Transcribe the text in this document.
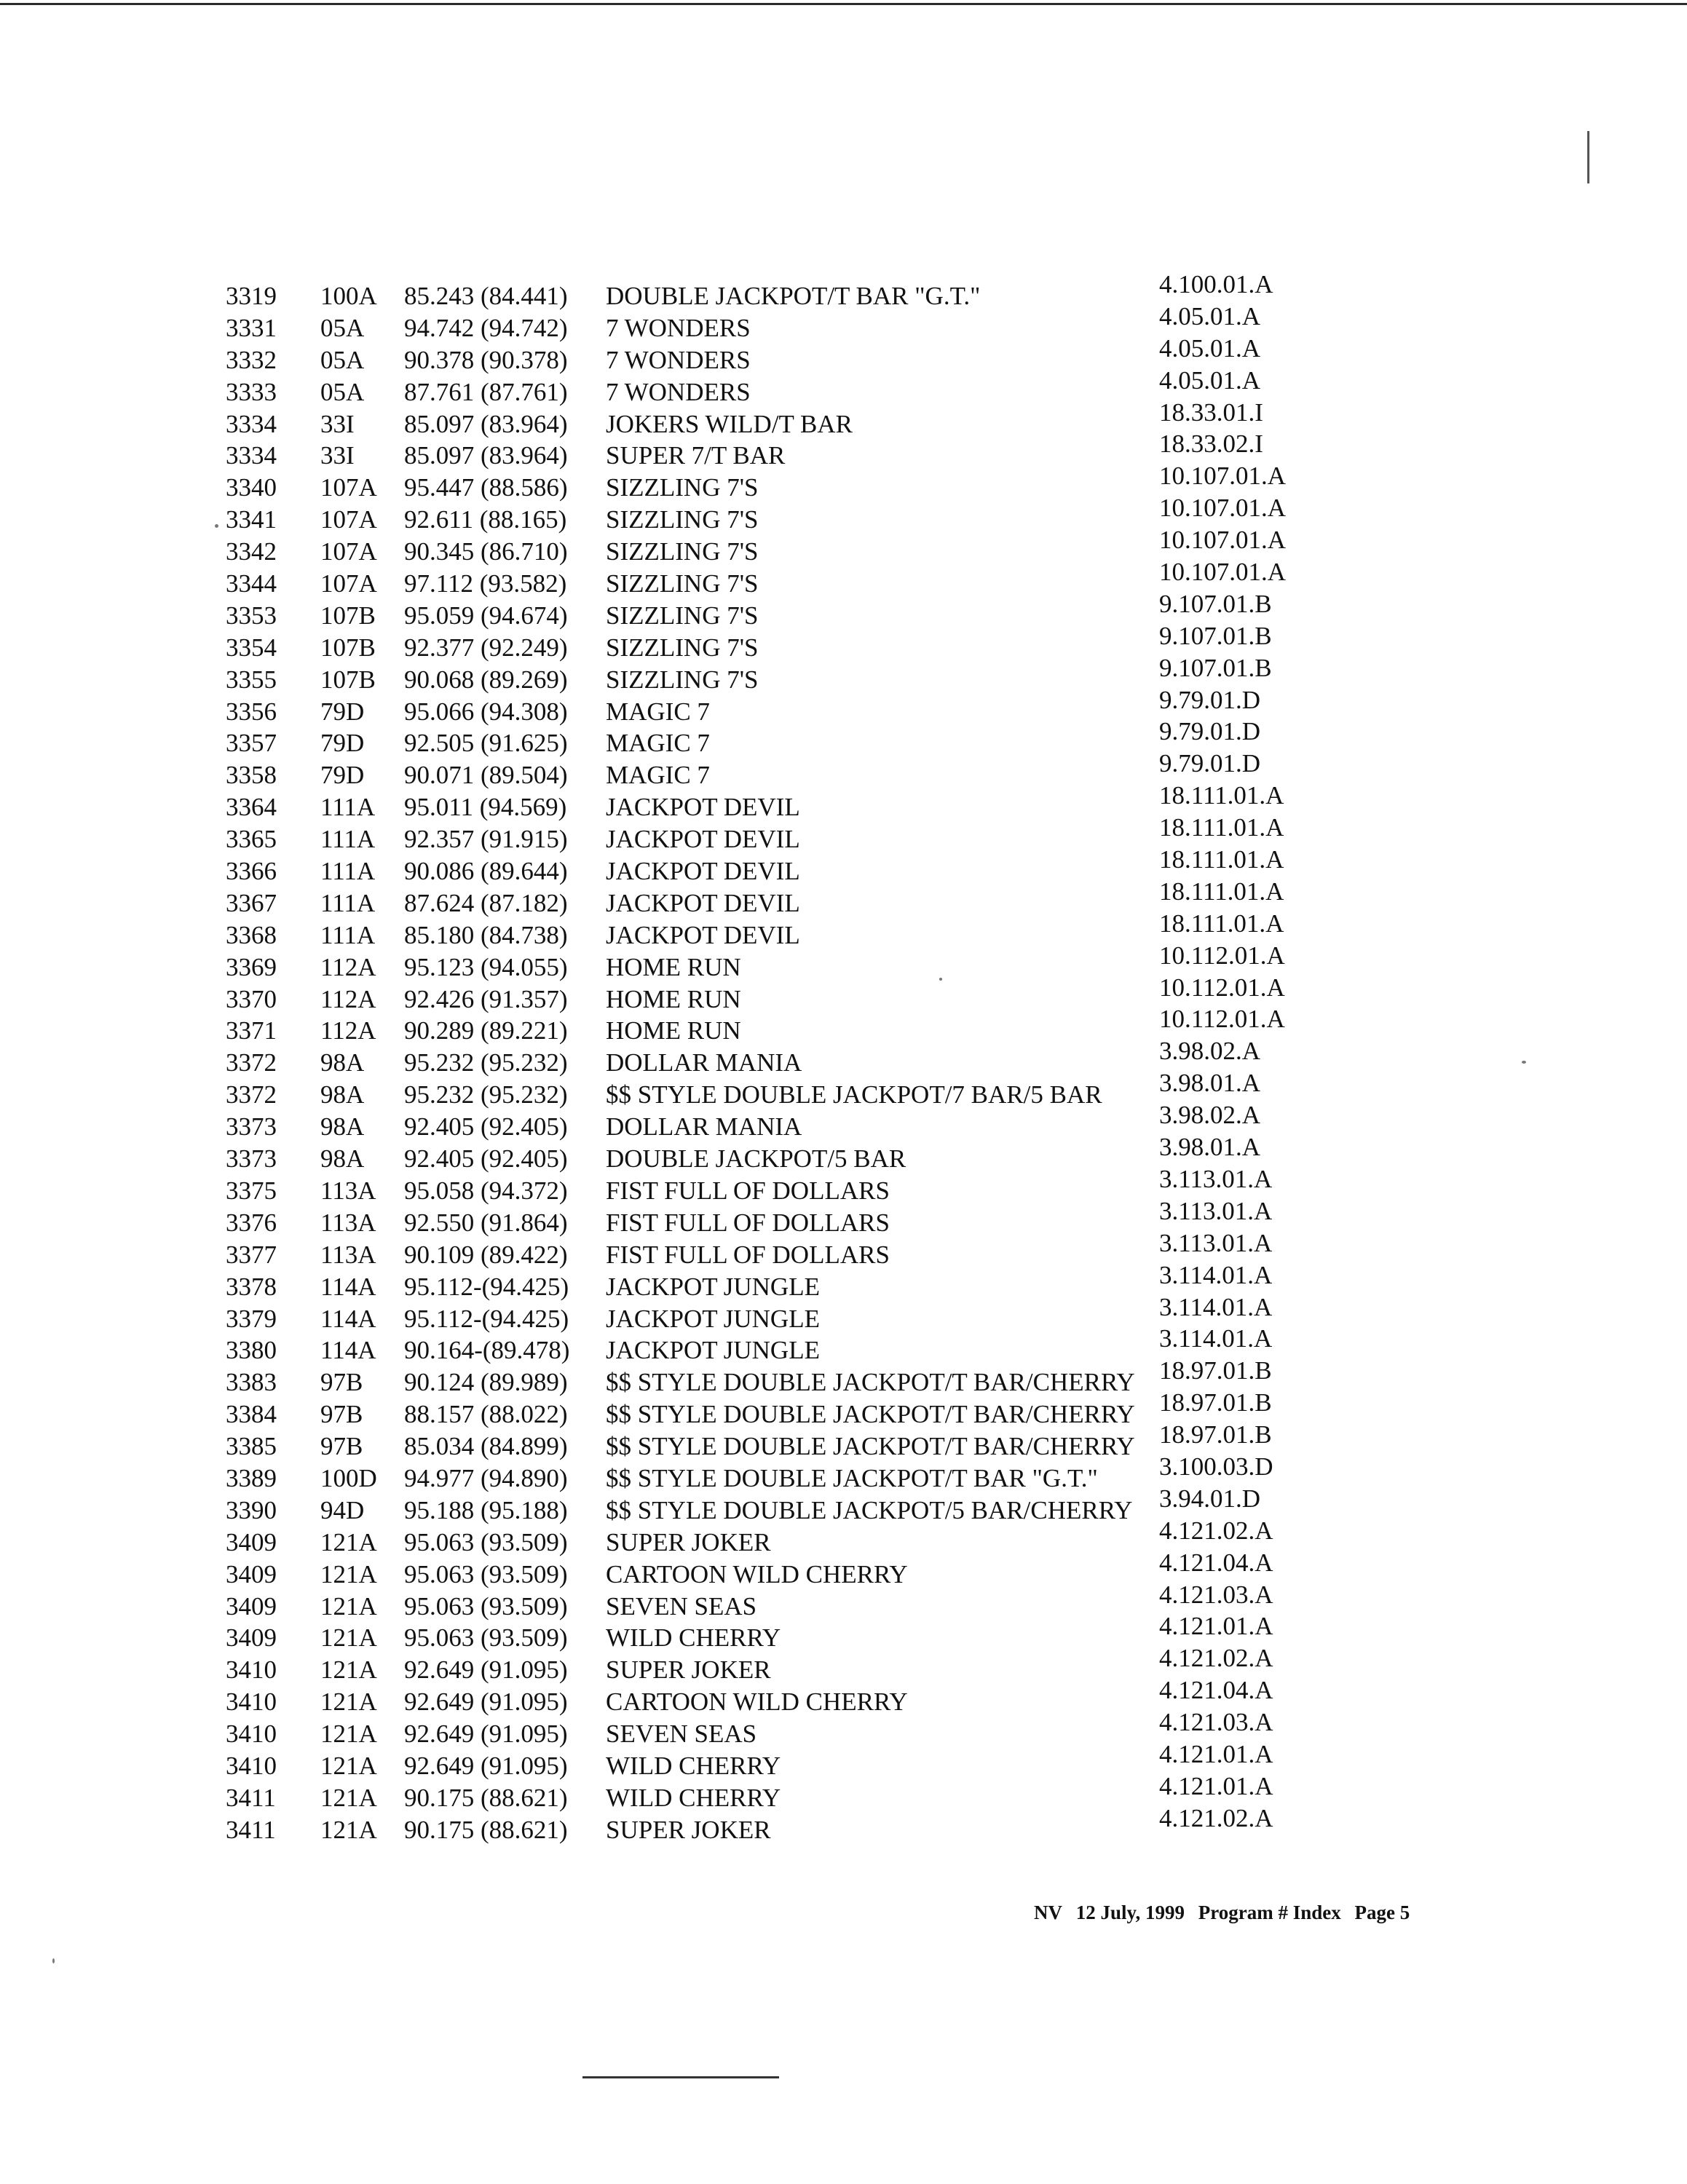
3319	100A	85.243 (84.441)	DOUBLE JACKPOT/T BAR "G.T."	4.100.01.A
3331	05A	94.742 (94.742)	7 WONDERS	4.05.01.A
3332	05A	90.378 (90.378)	7 WONDERS	4.05.01.A
3333	05A	87.761 (87.761)	7 WONDERS	4.05.01.A
3334	33I	85.097 (83.964)	JOKERS WILD/T BAR	18.33.01.I
3334	33I	85.097 (83.964)	SUPER 7/T BAR	18.33.02.I
3340	107A	95.447 (88.586)	SIZZLING 7'S	10.107.01.A
3341	107A	92.611 (88.165)	SIZZLING 7'S	10.107.01.A
3342	107A	90.345 (86.710)	SIZZLING 7'S	10.107.01.A
3344	107A	97.112 (93.582)	SIZZLING 7'S	10.107.01.A
3353	107B	95.059 (94.674)	SIZZLING 7'S	9.107.01.B
3354	107B	92.377 (92.249)	SIZZLING 7'S	9.107.01.B
3355	107B	90.068 (89.269)	SIZZLING 7'S	9.107.01.B
3356	79D	95.066 (94.308)	MAGIC 7	9.79.01.D
3357	79D	92.505 (91.625)	MAGIC 7	9.79.01.D
3358	79D	90.071 (89.504)	MAGIC 7	9.79.01.D
3364	111A	95.011 (94.569)	JACKPOT DEVIL	18.111.01.A
3365	111A	92.357 (91.915)	JACKPOT DEVIL	18.111.01.A
3366	111A	90.086 (89.644)	JACKPOT DEVIL	18.111.01.A
3367	111A	87.624 (87.182)	JACKPOT DEVIL	18.111.01.A
3368	111A	85.180 (84.738)	JACKPOT DEVIL	18.111.01.A
3369	112A	95.123 (94.055)	HOME RUN	10.112.01.A
3370	112A	92.426 (91.357)	HOME RUN	10.112.01.A
3371	112A	90.289 (89.221)	HOME RUN	10.112.01.A
3372	98A	95.232 (95.232)	DOLLAR MANIA	3.98.02.A
3372	98A	95.232 (95.232)	$$ STYLE DOUBLE JACKPOT/7 BAR/5 BAR	3.98.01.A
3373	98A	92.405 (92.405)	DOLLAR MANIA	3.98.02.A
3373	98A	92.405 (92.405)	DOUBLE JACKPOT/5 BAR	3.98.01.A
3375	113A	95.058 (94.372)	FIST FULL OF DOLLARS	3.113.01.A
3376	113A	92.550 (91.864)	FIST FULL OF DOLLARS	3.113.01.A
3377	113A	90.109 (89.422)	FIST FULL OF DOLLARS	3.113.01.A
3378	114A	95.112-(94.425)	JACKPOT JUNGLE	3.114.01.A
3379	114A	95.112-(94.425)	JACKPOT JUNGLE	3.114.01.A
3380	114A	90.164-(89.478)	JACKPOT JUNGLE	3.114.01.A
3383	97B	90.124 (89.989)	$$ STYLE DOUBLE JACKPOT/T BAR/CHERRY 18.97.01.B
3384	97B	88.157 (88.022)	$$ STYLE DOUBLE JACKPOT/T BAR/CHERRY 18.97.01.B
3385	97B	85.034 (84.899)	$$ STYLE DOUBLE JACKPOT/T BAR/CHERRY 18.97.01.B
3389	100D	94.977 (94.890)	$$ STYLE DOUBLE JACKPOT/T BAR "G.T."	3.100.03.D
3390	94D	95.188 (95.188)	$$ STYLE DOUBLE JACKPOT/5 BAR/CHERRY	3.94.01.D
3409	121A	95.063 (93.509)	SUPER JOKER	4.121.02.A
3409	121A	95.063 (93.509)	CARTOON WILD CHERRY	4.121.04.A
3409	121A	95.063 (93.509)	SEVEN SEAS	4.121.03.A
3409	121A	95.063 (93.509)	WILD CHERRY	4.121.01.A
3410	121A	92.649 (91.095)	SUPER JOKER	4.121.02.A
3410	121A	92.649 (91.095)	CARTOON WILD CHERRY	4.121.04.A
3410	121A	92.649 (91.095)	SEVEN SEAS	4.121.03.A
3410	121A	92.649 (91.095)	WILD CHERRY	4.121.01.A
3411	121A	90.175 (88.621)	WILD CHERRY	4.121.01.A
3411	121A	90.175 (88.621)	SUPER JOKER	4.121.02.A
NV 12 July, 1999 Program # Index Page 5
